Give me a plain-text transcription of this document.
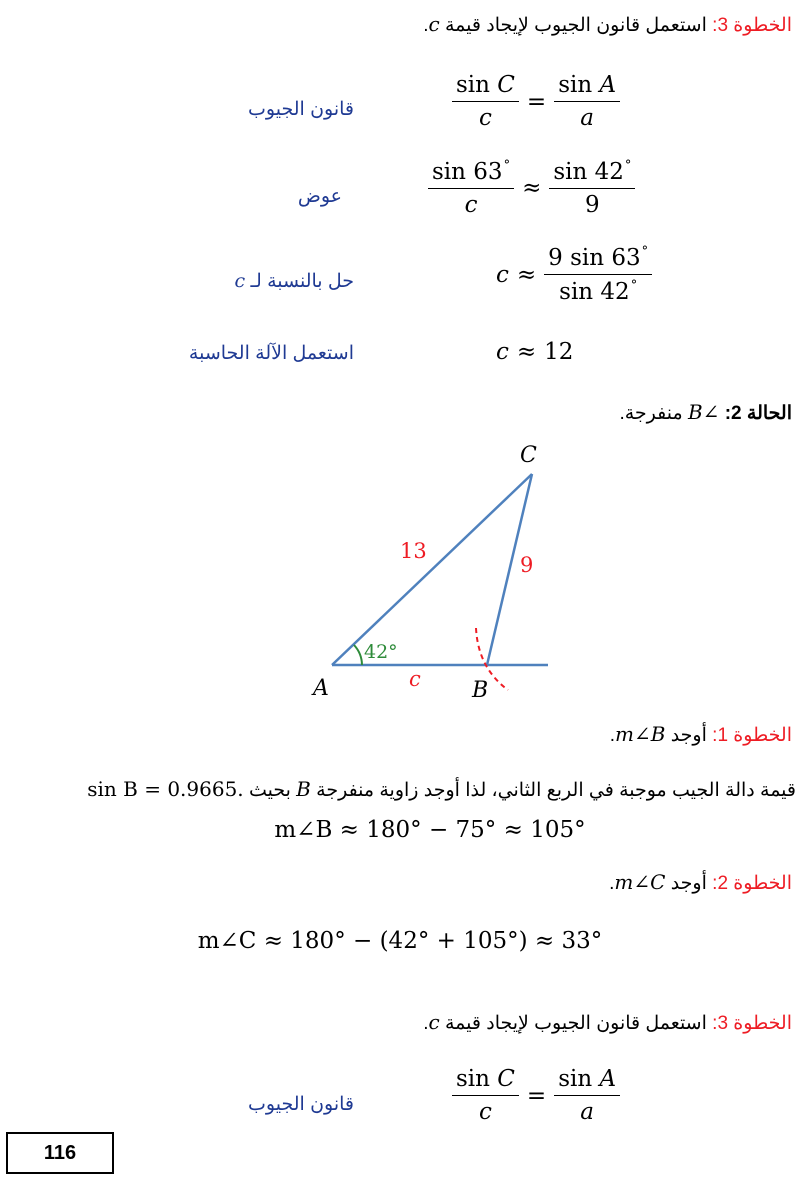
الخطوة 3: استعمل قانون الجيوب لإيجاد قيمة c.
قانون الجيوب	$\frac{\text{sin C}}{c} = \frac{\text{sin A}}{a}$
عوض	$\frac{\sin 63^\circ}{c} \approx \frac{\sin 42^\circ}{9}$
حل بالنسبة لـ c	$c \approx \frac{9 \sin 63^\circ}{\sin 42^\circ}$
استعمل الآلة الحاسبة	c ≈ 12
الحالة 2: ∠B منفرجة.
C
A	B
13
9
c
42°
الخطوة 1: أوجد m∠B.
قيمة دالة الجيب موجبة في الربع الثاني، لذا أوجد زاوية منفرجة B بحيث sin B = 0.9665.
m∠B ≈ 180° − 75° ≈ 105°
الخطوة 2: أوجد m∠C.
m∠C ≈ 180° − (42° + 105°) ≈ 33°
الخطوة 3: استعمل قانون الجيوب لإيجاد قيمة c.
قانون الجيوب	$\frac{\text{sin C}}{c} = \frac{\text{sin A}}{a}$
116
